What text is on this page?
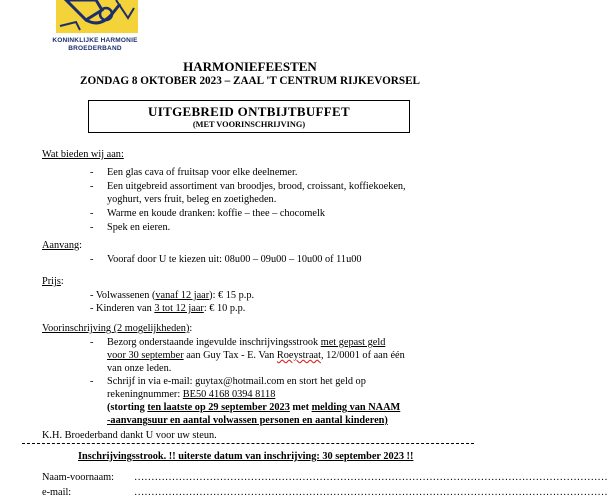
KONINKLIJKE HARMONIE
BROEDERBAND
HARMONIEFEESTEN
ZONDAG 8 OKTOBER 2023 – ZAAL 'T CENTRUM RIJKEVORSEL
UITGEBREID ONTBIJTBUFFET
(MET VOORINSCHRIJVING)
Wat bieden wij aan:
- Een glas cava of fruitsap voor elke deelnemer.
- Een uitgebreid assortiment van broodjes, brood, croissant, koffiekoeken,
yoghurt, vers fruit, beleg en zoetigheden.
- Warme en koude dranken: koffie – thee – chocomelk
- Spek en eieren.
Aanvang:
- Vooraf door U te kiezen uit: 08u00 – 09u00 – 10u00 of 11u00
Prijs:
- Volwassenen (vanaf 12 jaar): € 15 p.p.
- Kinderen van 3 tot 12 jaar: € 10 p.p.
Voorinschrijving (2 mogelijkheden):
- Bezorg onderstaande ingevulde inschrijvingsstrook met gepast geld
voor 30 september aan Guy Tax - E. Van Roeystraat, 12/0001 of aan één
van onze leden.
- Schrijf in via e-mail: guytax@hotmail.com en stort het geld op
rekeningnummer: BE50 4168 0394 8118
(storting ten laatste op 29 september 2023 met melding van NAAM
-aanvangsuur en aantal volwassen personen en aantal kinderen)
K.H. Broederband dankt U voor uw steun.
Inschrijvingsstrook. !! uiterste datum van inschrijving: 30 september 2023 !!
Naam-voornaam: …………………………………………………………………………………………………………………………
e-mail:	…………………………………………………………………………………………………………………………
